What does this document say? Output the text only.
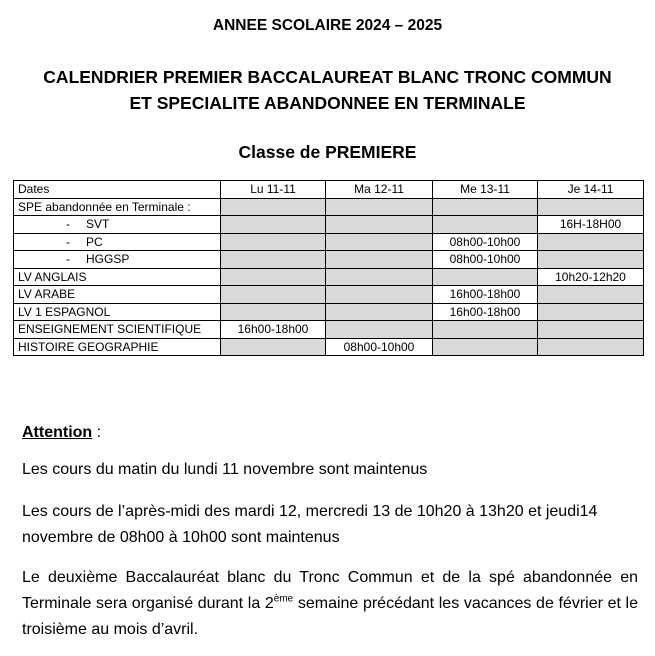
ANNEE SCOLAIRE 2024 – 2025
CALENDRIER PREMIER BACCALAUREAT BLANC TRONC COMMUN
ET SPECIALITE ABANDONNEE EN TERMINALE
Classe de PREMIERE
Dates	Lu 11-11	Ma 12-11	Me 13-11	Je 14-11
SPE abandonnée en Terminale :				
- SVT				16H-18H00
- PC			08h00-10h00	
- HGGSP			08h00-10h00	
LV ANGLAIS				10h20-12h20
LV ARABE			16h00-18h00	
LV 1 ESPAGNOL			16h00-18h00	
ENSEIGNEMENT SCIENTIFIQUE	16h00-18h00			
HISTOIRE GEOGRAPHIE		08h00-10h00		
Attention :
Les cours du matin du lundi 11 novembre sont maintenus
Les cours de l’après-midi des mardi 12, mercredi 13 de 10h20 à 13h20 et jeudi14 novembre de 08h00 à 10h00 sont maintenus
Le deuxième Baccalauréat blanc du Tronc Commun et de la spé abandonnée en Terminale sera organisé durant la 2ème semaine précédant les vacances de février et le troisième au mois d’avril.
